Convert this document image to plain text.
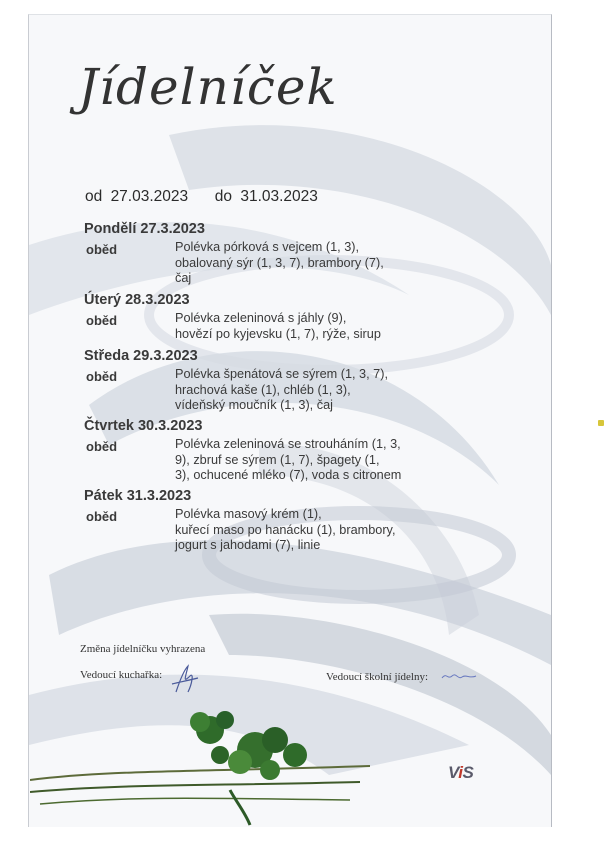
Jídelníček
od 27.03.2023 do 31.03.2023
Pondělí 27.3.2023
oběd	Polévka pórková s vejcem (1, 3),
obalovaný sýr (1, 3, 7), brambory (7),
čaj
Úterý 28.3.2023
oběd	Polévka zeleninová s jáhly (9),
hovězí po kyjevsku (1, 7), rýže, sirup
Středa 29.3.2023
oběd	Polévka špenátová se sýrem (1, 3, 7),
hrachová kaše (1), chléb (1, 3),
vídeňský moučník (1, 3), čaj
Čtvrtek 30.3.2023
oběd	Polévka zeleninová se strouháním (1, 3,
9), zbruf se sýrem (1, 7), špagety (1,
3), ochucené mléko (7), voda s citronem
Pátek 31.3.2023
oběd	Polévka masový krém (1),
kuřecí maso po hanácku (1), brambory,
jogurt s jahodami (7), linie
Změna jídelníčku vyhrazena
Vedoucí kuchařka:	Vedoucí školní jídelny:
ViS
